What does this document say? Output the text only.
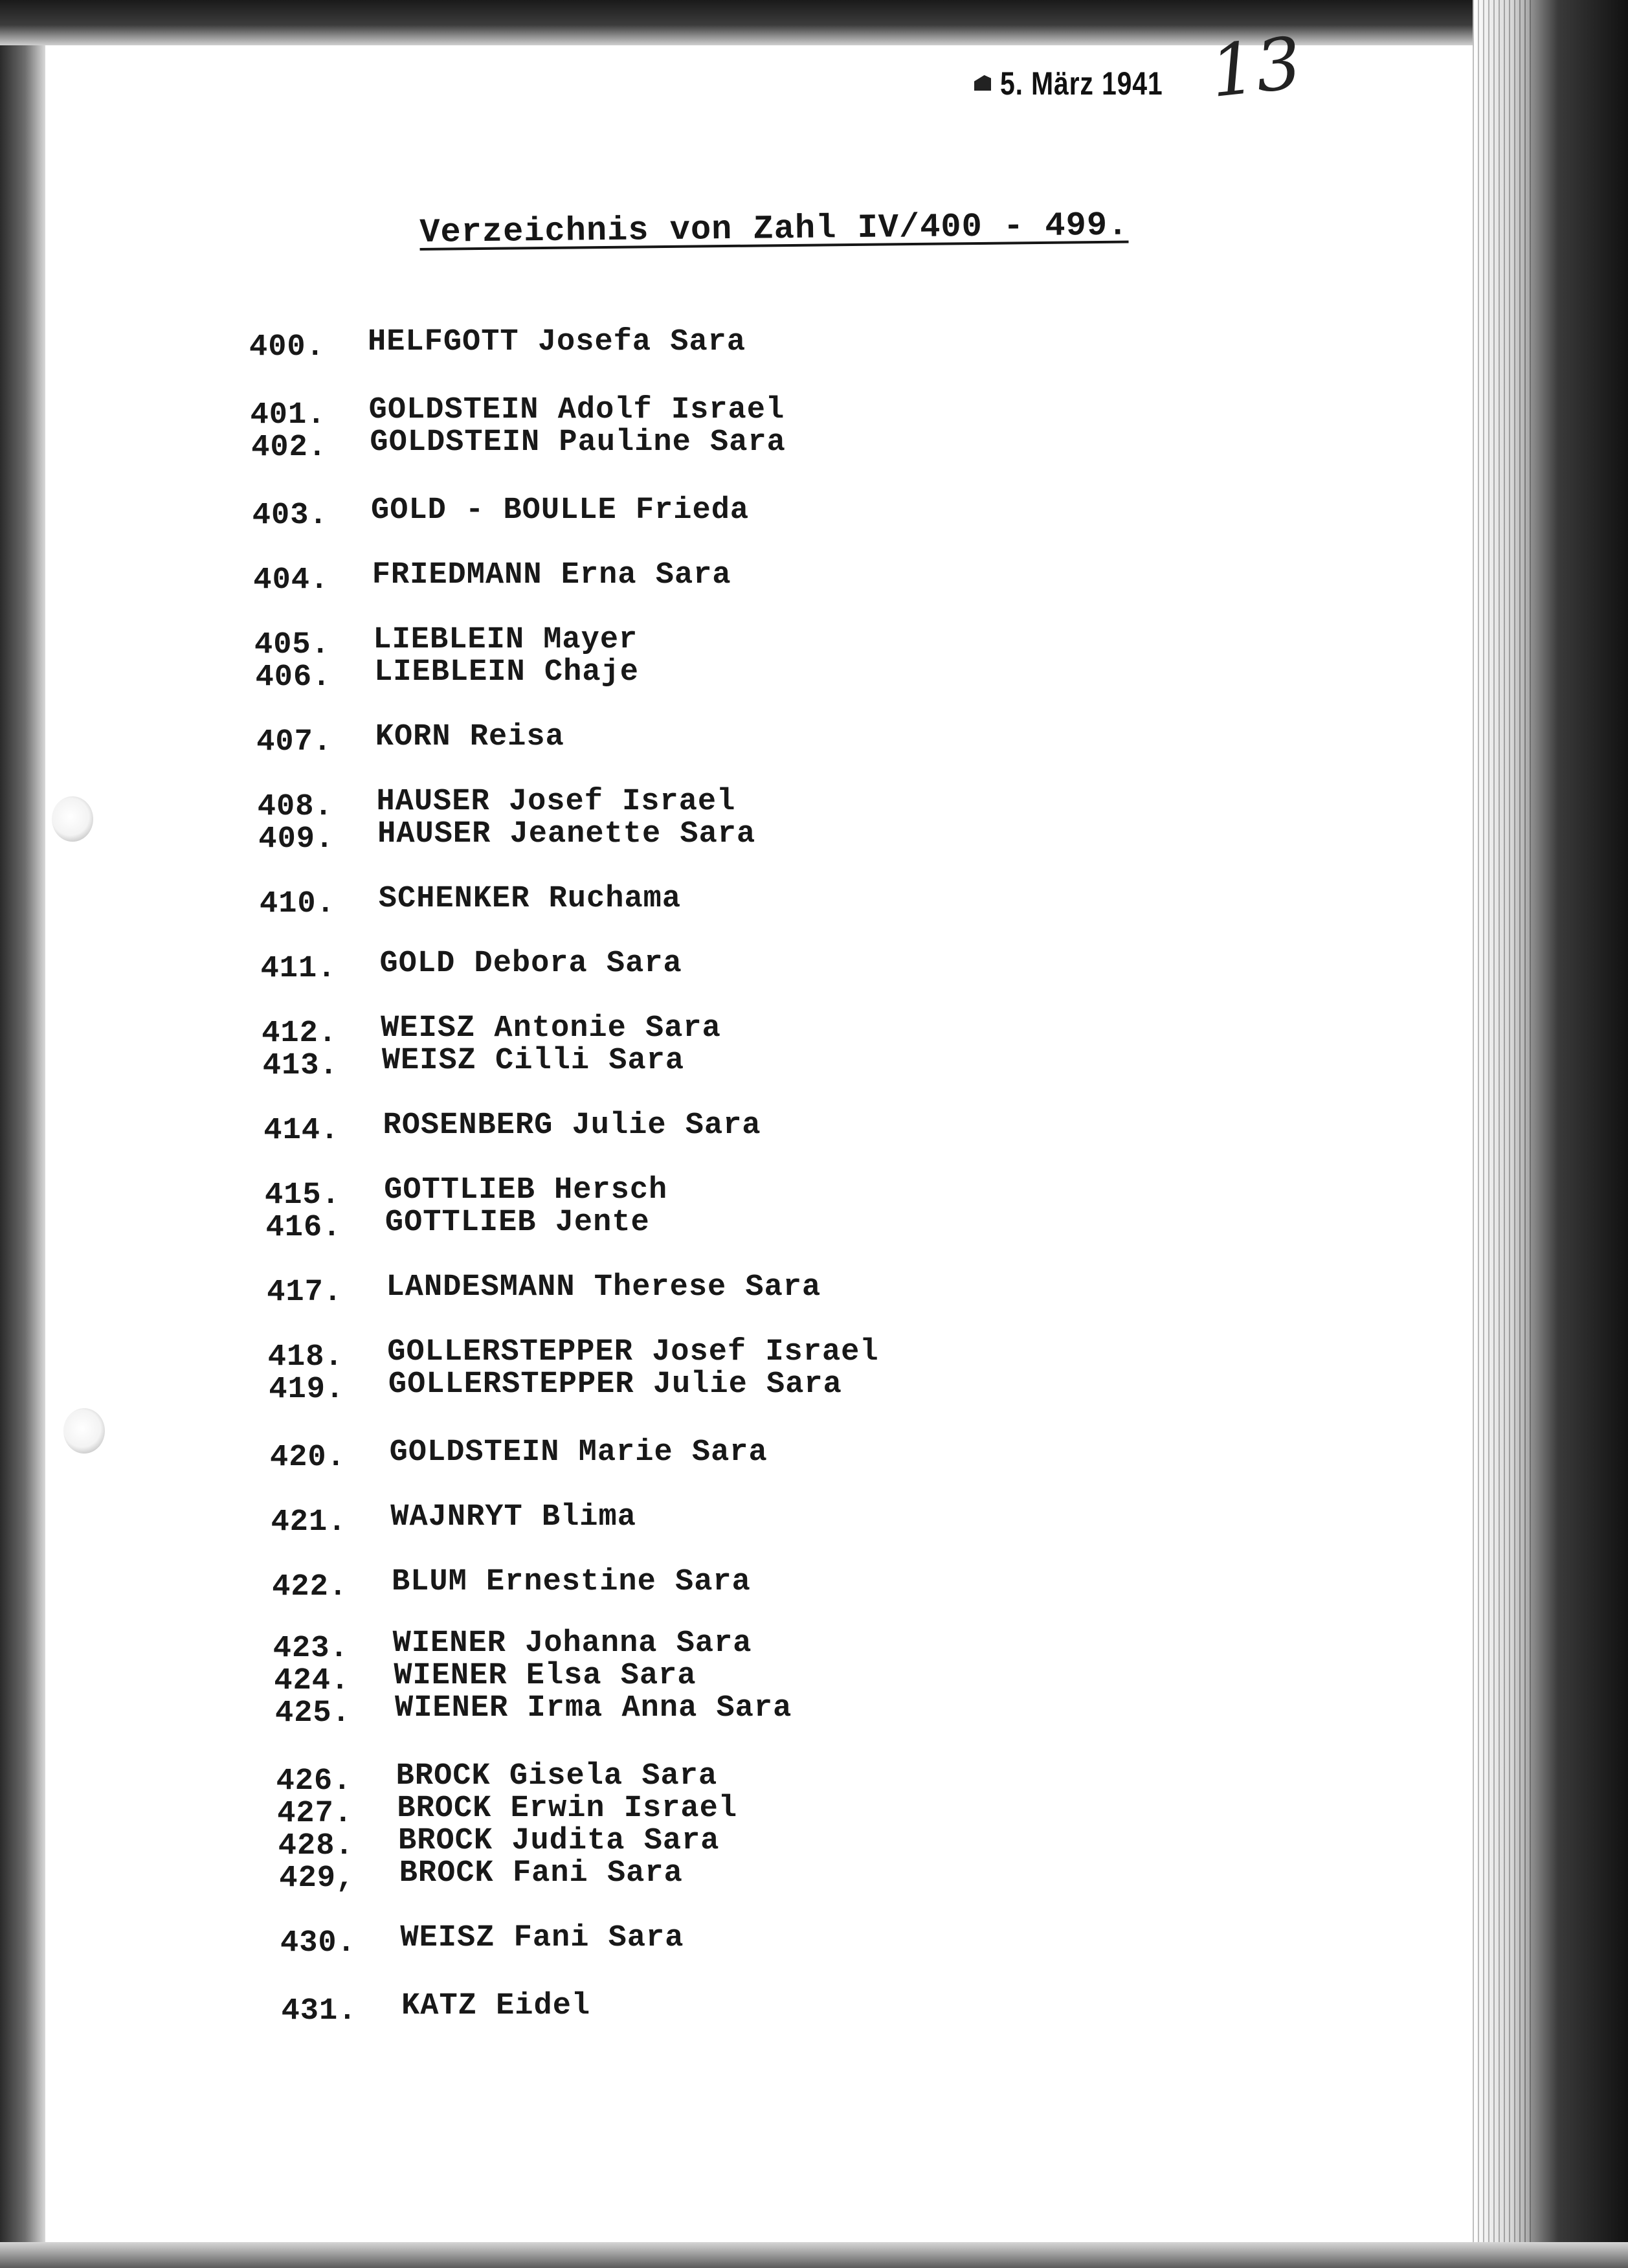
5. März 1941 13
Verzeichnis von Zahl IV/400 - 499.
400. HELFGOTT Josefa Sara
401. GOLDSTEIN Adolf Israel
402. GOLDSTEIN Pauline Sara
403. GOLD - BOULLE Frieda
404. FRIEDMANN Erna Sara
405. LIEBLEIN Mayer
406. LIEBLEIN Chaje
407. KORN Reisa
408. HAUSER Josef Israel
409. HAUSER Jeanette Sara
410. SCHENKER Ruchama
411. GOLD Debora Sara
412. WEISZ Antonie Sara
413. WEISZ Cilli Sara
414. ROSENBERG Julie Sara
415. GOTTLIEB Hersch
416. GOTTLIEB Jente
417. LANDESMANN Therese Sara
418. GOLLERSTEPPER Josef Israel
419. GOLLERSTEPPER Julie Sara
420. GOLDSTEIN Marie Sara
421. WAJNRYT Blima
422. BLUM Ernestine Sara
423. WIENER Johanna Sara
424. WIENER Elsa Sara
425. WIENER Irma Anna Sara
426. BROCK Gisela Sara
427. BROCK Erwin Israel
428. BROCK Judita Sara
429, BROCK Fani Sara
430. WEISZ Fani Sara
431. KATZ Eidel
